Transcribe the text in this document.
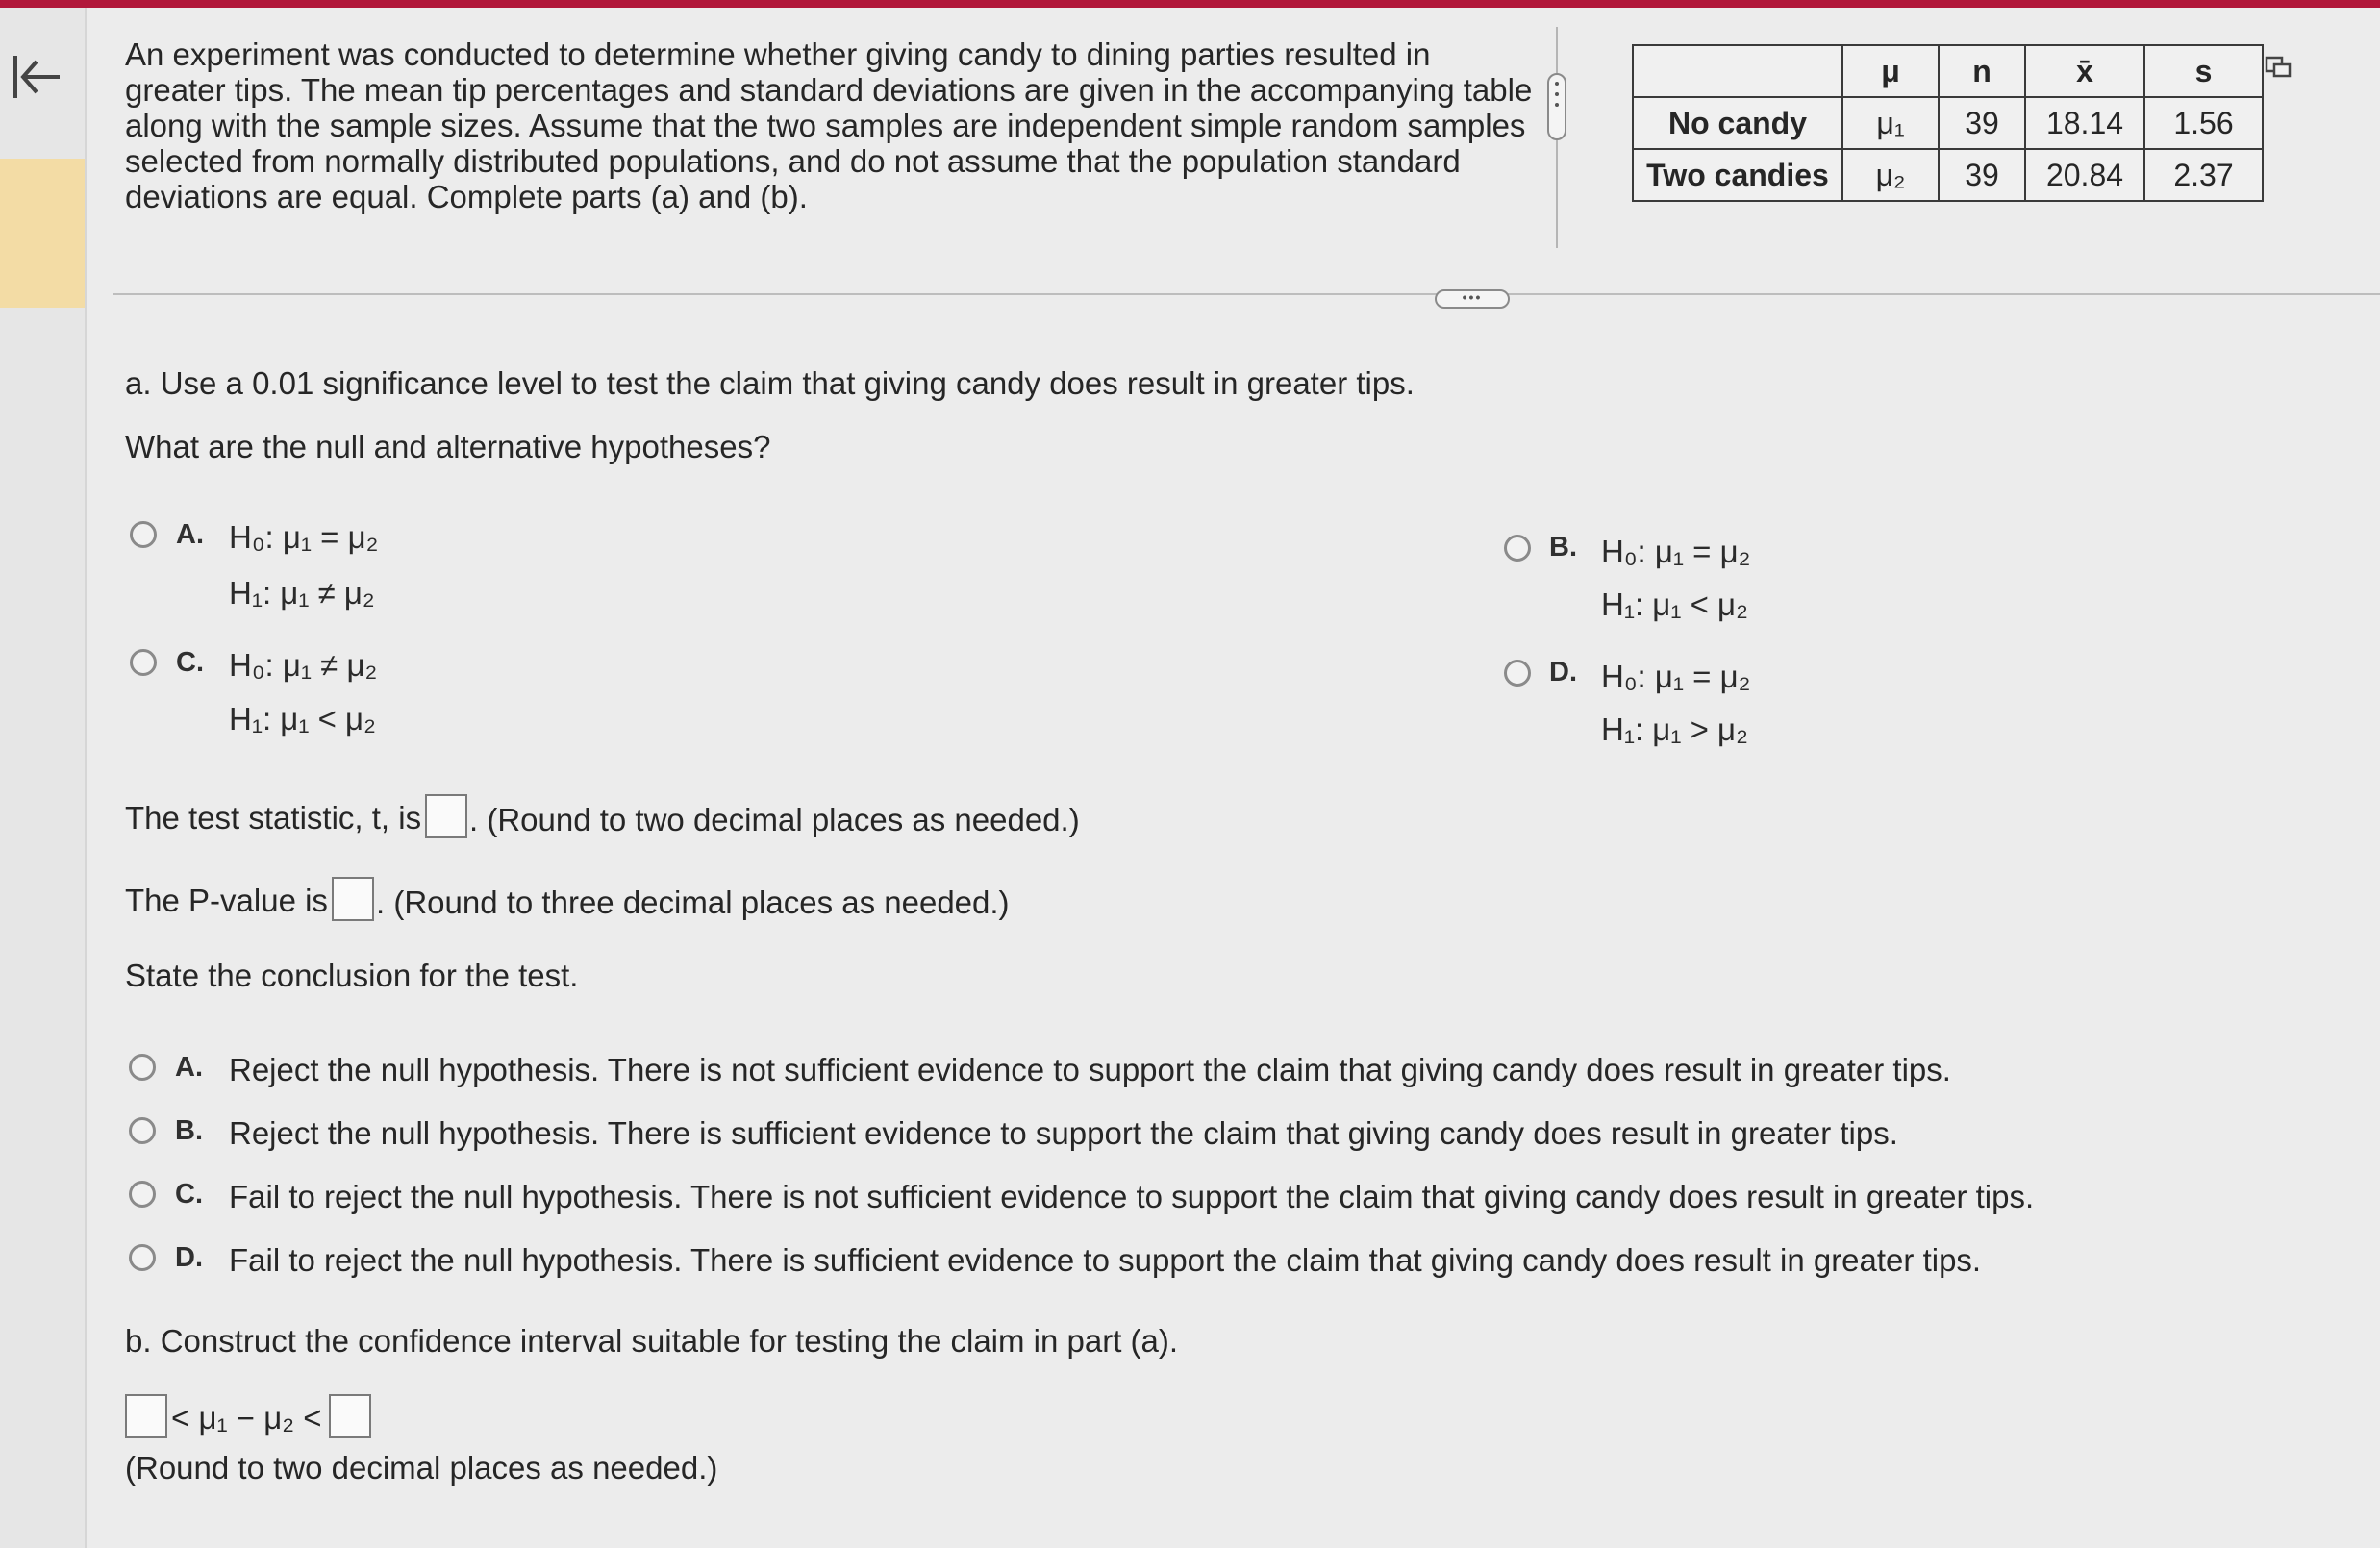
An experiment was conducted to determine whether giving candy to dining parties resulted in
greater tips. The mean tip percentages and standard deviations are given in the accompanying table
along with the sample sizes. Assume that the two samples are independent simple random samples
selected from normally distributed populations, and do not assume that the population standard
deviations are equal. Complete parts (a) and (b).
	μ	n	x̄	s
No candy	μ₁	39	18.14	1.56
Two candies	μ₂	39	20.84	2.37
•••
a. Use a 0.01 significance level to test the claim that giving candy does result in greater tips.
What are the null and alternative hypotheses?
A. H₀: μ₁ = μ₂
H₁: μ₁ ≠ μ₂
B. H₀: μ₁ = μ₂
H₁: μ₁ < μ₂
C. H₀: μ₁ ≠ μ₂
H₁: μ₁ < μ₂
D. H₀: μ₁ = μ₂
H₁: μ₁ > μ₂
The test statistic, t, is . (Round to two decimal places as needed.)
The P-value is . (Round to three decimal places as needed.)
State the conclusion for the test.
A. Reject the null hypothesis. There is not sufficient evidence to support the claim that giving candy does result in greater tips.
B. Reject the null hypothesis. There is sufficient evidence to support the claim that giving candy does result in greater tips.
C. Fail to reject the null hypothesis. There is not sufficient evidence to support the claim that giving candy does result in greater tips.
D. Fail to reject the null hypothesis. There is sufficient evidence to support the claim that giving candy does result in greater tips.
b. Construct the confidence interval suitable for testing the claim in part (a).
< μ₁ − μ₂ <
(Round to two decimal places as needed.)
